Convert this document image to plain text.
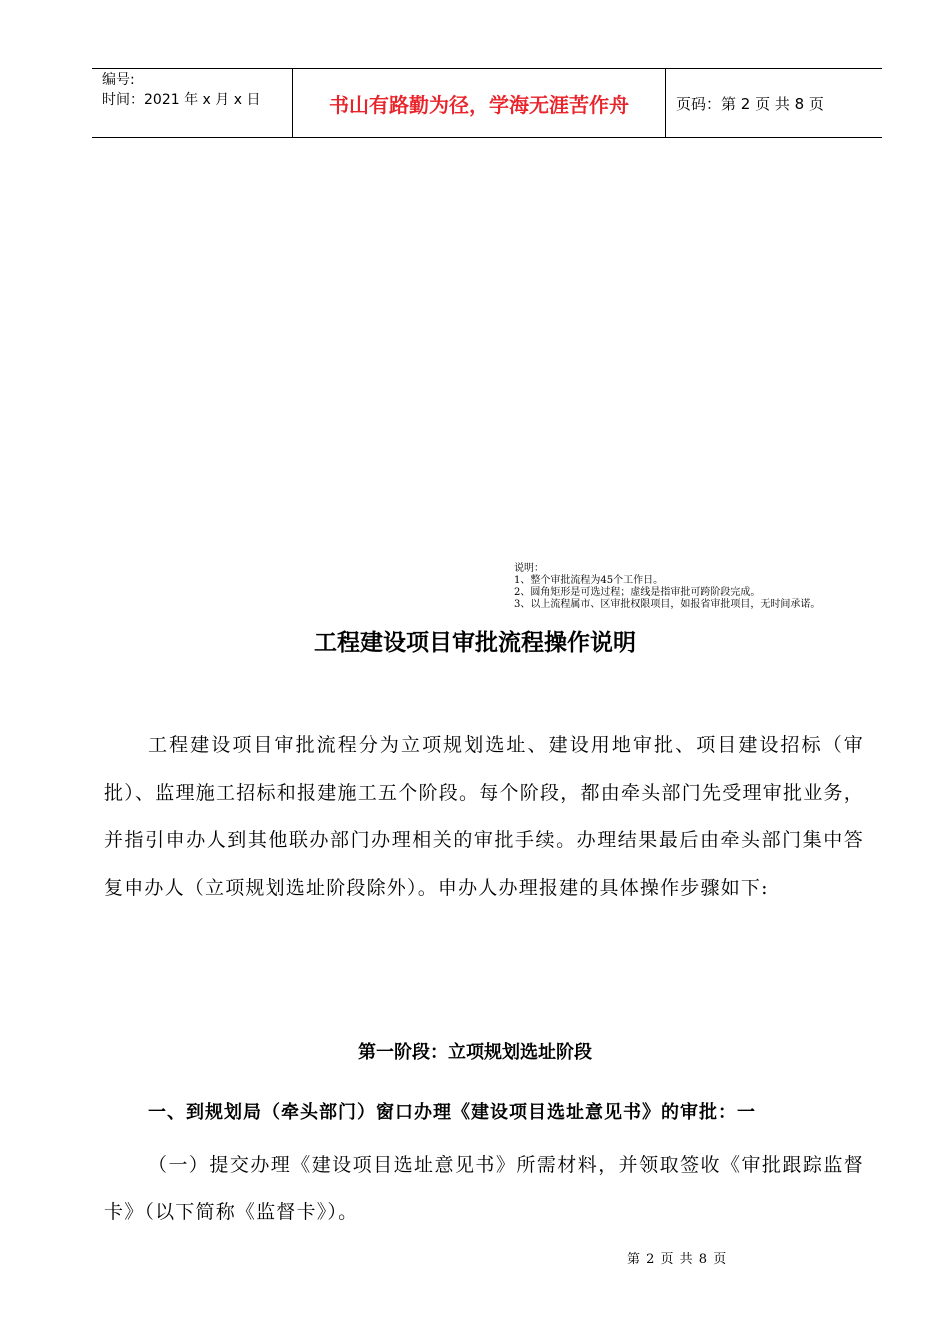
编号:
时间：2021 年 x 月 x 日	书山有路勤为径，学海无涯苦作舟	页码：第 2 页 共 8 页
说明：
1、整个审批流程为45个工作日。
2、圆角矩形是可选过程；虚线是指审批可跨阶段完成。
3、以上流程属市、区审批权限项目，如报省审批项目，无时间承诺。
工程建设项目审批流程操作说明

工程建设项目审批流程分为立项规划选址、建设用地审批、项目建设招标（审批）、监理施工招标和报建施工五个阶段。每个阶段，都由牵头部门先受理审批业务，并指引申办人到其他联办部门办理相关的审批手续。办理结果最后由牵头部门集中答复申办人（立项规划选址阶段除外）。申办人办理报建的具体操作步骤如下:

第一阶段：立项规划选址阶段
一、到规划局（牵头部门）窗口办理《建设项目选址意见书》的审批：一

（一）提交办理《建设项目选址意见书》所需材料，并领取签收《审批跟踪监督卡》（以下简称《监督卡》）。

第 2 页 共 8 页
